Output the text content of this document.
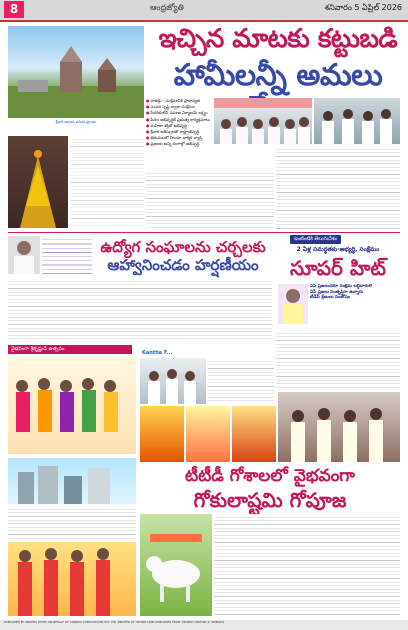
8	ఆంధ్రజ్యోతి	శనివారం 5 ఏప్రిల్ 2026
శ్రీవారి ఆలయ పరిసర ప్రాంతం
ఇచ్చిన మాటకు కట్టుబడి
హామీలన్నీ అమలు
●పాతర్లు - సంక్షేమానికి ప్రాధాన్యత
●సంపద సృష్టి ద్వారా సంక్షేమం
●పేదరికంలేని సమాజ నిర్మాణమే లక్ష్యం
●పేదల అభివృద్ధికే ప్రభుత్వ కార్యక్రమాలు
●మహిళా శక్తితో అభివృద్ధి
●శ్రీవారి ఆశీస్సులతో రాష్ట్రాభివృద్ధి
●తిరుమలలో హిందూ ధార్మిక వ్యాప్తి
●ప్రజలకు అన్ని రంగాల్లో అభివృద్ధి
ఉద్యోగ సంఘాలను చర్చలకు
ఆహ్వానించడం హర్షణీయం
ఇంటింటికి తెలుగుదేశం
2 ఏళ్ల సమర్థతకు-అభ్యర్థి, సంక్షేమం
సూపర్ హిట్
ఏపీ ప్రజలందరూ సంక్షేమ లబ్ధిదారులే
ఏపీ ప్రజలు సంతృప్తిగా ఉన్నారు
టీడీపీ శ్రేణులు సంతోషం
వైభవంగా శ్రీకృష్ణుడి ఉత్సవం
Kantha F...
టీటీడీ గోశాలలో వైభవంగా
గోకులాష్టమి గోపూజ
PUBLISHED BY ANDHRA JYOTHI ON BEHALF OF AAMODA PUBLICATIONS PVT. LTD. PRINTED AT TIRUPATI AND PUBLISHED FROM TIRUPATI. EDITOR: K. SRINIVAS
